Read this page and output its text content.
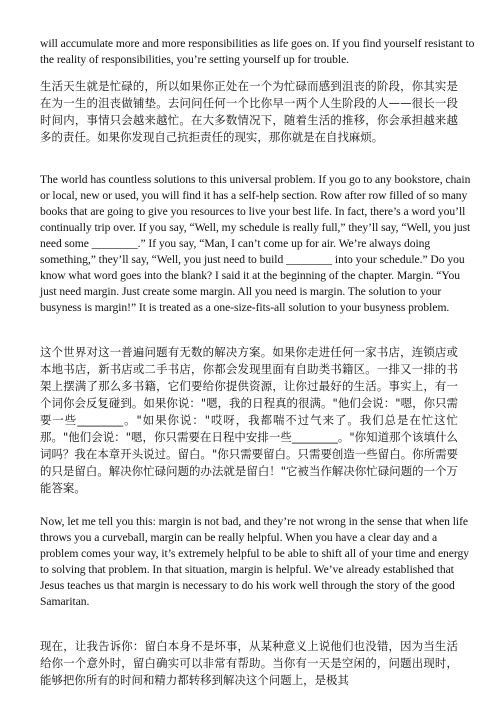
will accumulate more and more responsibilities as life goes on. If you find yourself resistant to the reality of responsibilities, you’re setting yourself up for trouble.

生活天生就是忙碌的，所以如果你正处在一个为忙碌而感到沮丧的阶段，你其实是在为一生的沮丧做铺垫。去问问任何一个比你早一两个人生阶段的人——很长一段时间内，事情只会越来越忙。在大多数情况下，随着生活的推移，你会承担越来越多的责任。如果你发现自己抗拒责任的现实，那你就是在自找麻烦。

The world has countless solutions to this universal problem. If you go to any bookstore, chain or local, new or used, you will find it has a self-help section. Row after row filled of so many books that are going to give you resources to live your best life. In fact, there’s a word you’ll continually trip over. If you say, “Well, my schedule is really full,” they’ll say, “Well, you just need some ________.” If you say, “Man, I can’t come up for air. We’re always doing something,” they’ll say, “Well, you just need to build ________ into your schedule.” Do you know what word goes into the blank? I said it at the beginning of the chapter. Margin. “You just need margin. Just create some margin. All you need is margin. The solution to your busyness is margin!” It is treated as a one-size-fits-all solution to your busyness problem.

这个世界对这一普遍问题有无数的解决方案。如果你走进任何一家书店，连锁店或本地书店，新书店或二手书店，你都会发现里面有自助类书籍区。一排又一排的书架上摆满了那么多书籍，它们要给你提供资源，让你过最好的生活。事实上，有一个词你会反复碰到。如果你说："嗯，我的日程真的很满。"他们会说："嗯，你只需要一些________。"如果你说："哎呀，我都喘不过气来了。我们总是在忙这忙那。"他们会说："嗯，你只需要在日程中安排一些________。"你知道那个该填什么词吗？我在本章开头说过。留白。"你只需要留白。只需要创造一些留白。你所需要的只是留白。解决你忙碌问题的办法就是留白！"它被当作解决你忙碌问题的一个万能答案。

Now, let me tell you this: margin is not bad, and they’re not wrong in the sense that when life throws you a curveball, margin can be really helpful. When you have a clear day and a problem comes your way, it’s extremely helpful to be able to shift all of your time and energy to solving that problem. In that situation, margin is helpful. We’ve already established that Jesus teaches us that margin is necessary to do his work well through the story of the good Samaritan.

现在，让我告诉你：留白本身不是坏事，从某种意义上说他们也没错，因为当生活给你一个意外时，留白确实可以非常有帮助。当你有一天是空闲的，问题出现时，能够把你所有的时间和精力都转移到解决这个问题上，是极其
